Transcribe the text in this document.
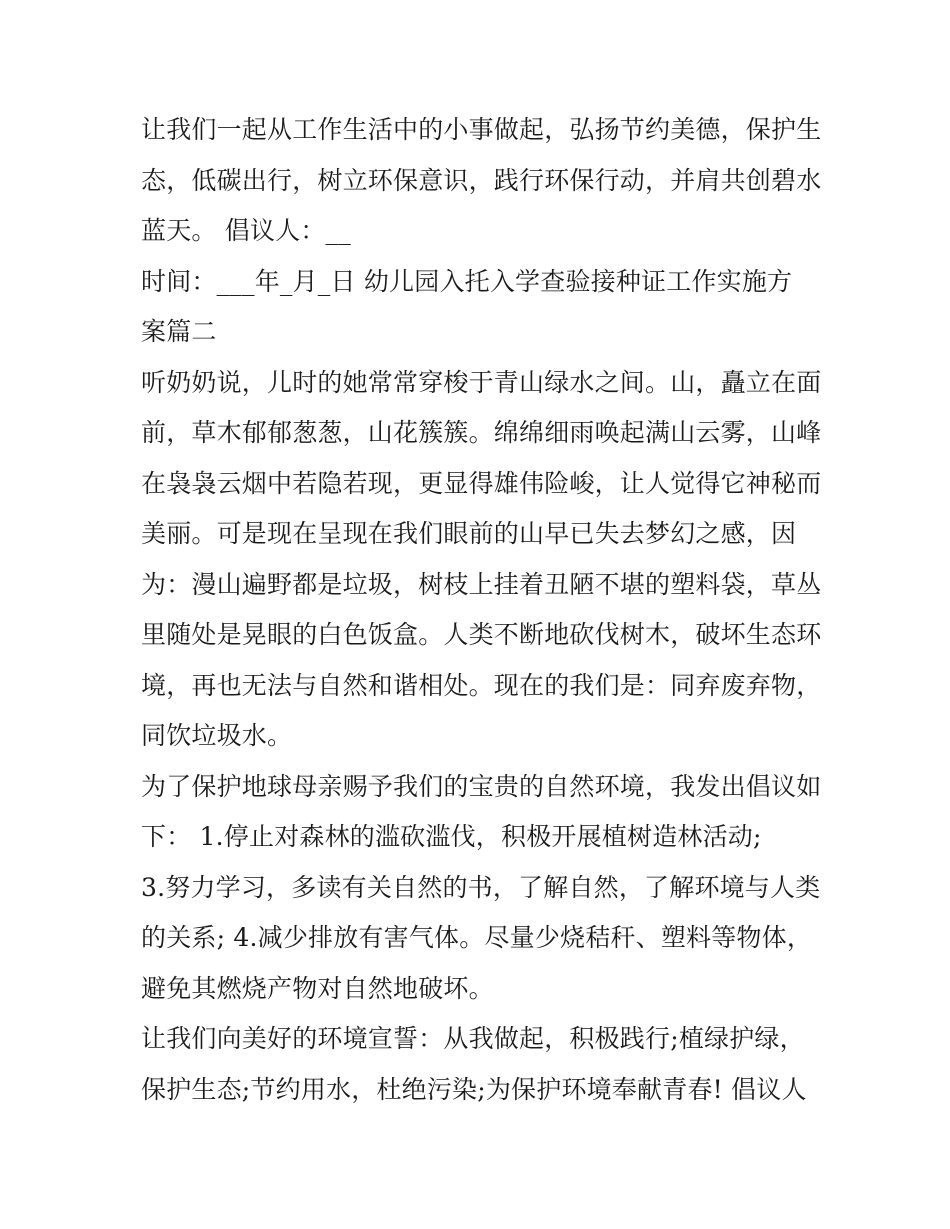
让我们一起从工作生活中的小事做起，弘扬节约美德，保护生
态，低碳出行，树立环保意识，践行环保行动，并肩共创碧水
蓝天。 倡议人：__
时间：___年_月_日 幼儿园入托入学查验接种证工作实施方
案篇二
听奶奶说，儿时的她常常穿梭于青山绿水之间。山，矗立在面
前，草木郁郁葱葱，山花簇簇。绵绵细雨唤起满山云雾，山峰
在袅袅云烟中若隐若现，更显得雄伟险峻，让人觉得它神秘而
美丽。可是现在呈现在我们眼前的山早已失去梦幻之感，因
为：漫山遍野都是垃圾，树枝上挂着丑陋不堪的塑料袋，草丛
里随处是晃眼的白色饭盒。人类不断地砍伐树木，破坏生态环
境，再也无法与自然和谐相处。现在的我们是：同弃废弃物，
同饮垃圾水。
为了保护地球母亲赐予我们的宝贵的自然环境，我发出倡议如
下： 1.停止对森林的滥砍滥伐，积极开展植树造林活动;
3.努力学习，多读有关自然的书，了解自然，了解环境与人类
的关系; 4.减少排放有害气体。尽量少烧秸秆、塑料等物体，
避免其燃烧产物对自然地破坏。
让我们向美好的环境宣誓：从我做起，积极践行;植绿护绿，
保护生态;节约用水，杜绝污染;为保护环境奉献青春! 倡议人
